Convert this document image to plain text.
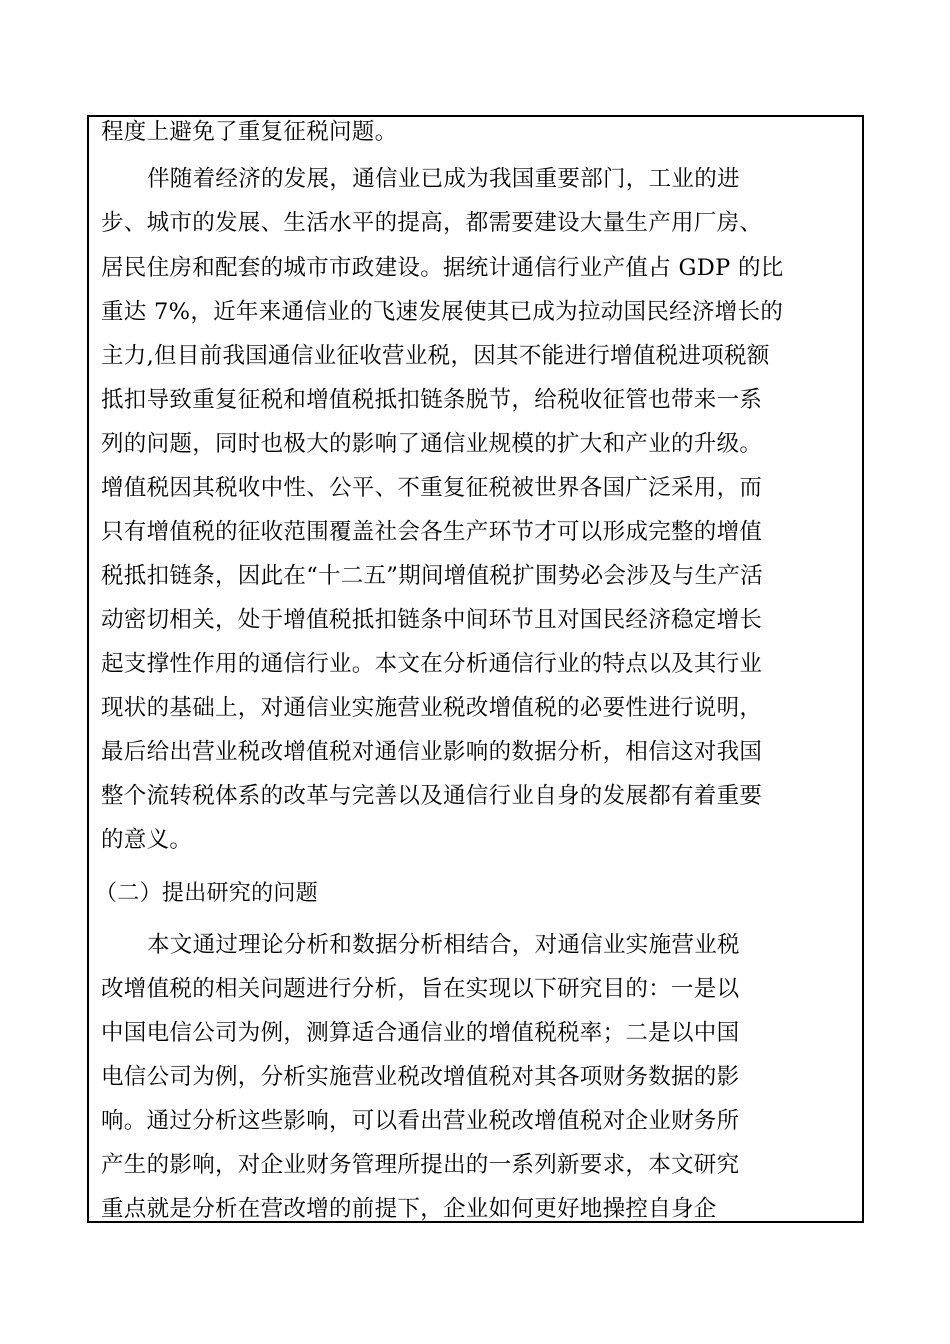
程度上避免了重复征税问题。
伴随着经济的发展，通信业已成为我国重要部门，工业的进
步、城市的发展、生活水平的提高，都需要建设大量生产用厂房、
居民住房和配套的城市市政建设。据统计通信行业产值占 GDP 的比
重达 7%，近年来通信业的飞速发展使其已成为拉动国民经济增长的
主力,但目前我国通信业征收营业税，因其不能进行增值税进项税额
抵扣导致重复征税和增值税抵扣链条脱节，给税收征管也带来一系
列的问题，同时也极大的影响了通信业规模的扩大和产业的升级。
增值税因其税收中性、公平、不重复征税被世界各国广泛采用，而
只有增值税的征收范围覆盖社会各生产环节才可以形成完整的增值
税抵扣链条，因此在“十二五”期间增值税扩围势必会涉及与生产活
动密切相关，处于增值税抵扣链条中间环节且对国民经济稳定增长
起支撑性作用的通信行业。本文在分析通信行业的特点以及其行业
现状的基础上，对通信业实施营业税改增值税的必要性进行说明，
最后给出营业税改增值税对通信业影响的数据分析，相信这对我国
整个流转税体系的改革与完善以及通信行业自身的发展都有着重要
的意义。
（二）提出研究的问题
本文通过理论分析和数据分析相结合，对通信业实施营业税
改增值税的相关问题进行分析，旨在实现以下研究目的：一是以
中国电信公司为例，测算适合通信业的增值税税率；二是以中国
电信公司为例，分析实施营业税改增值税对其各项财务数据的影
响。通过分析这些影响，可以看出营业税改增值税对企业财务所
产生的影响，对企业财务管理所提出的一系列新要求，本文研究
重点就是分析在营改增的前提下，企业如何更好地操控自身企
